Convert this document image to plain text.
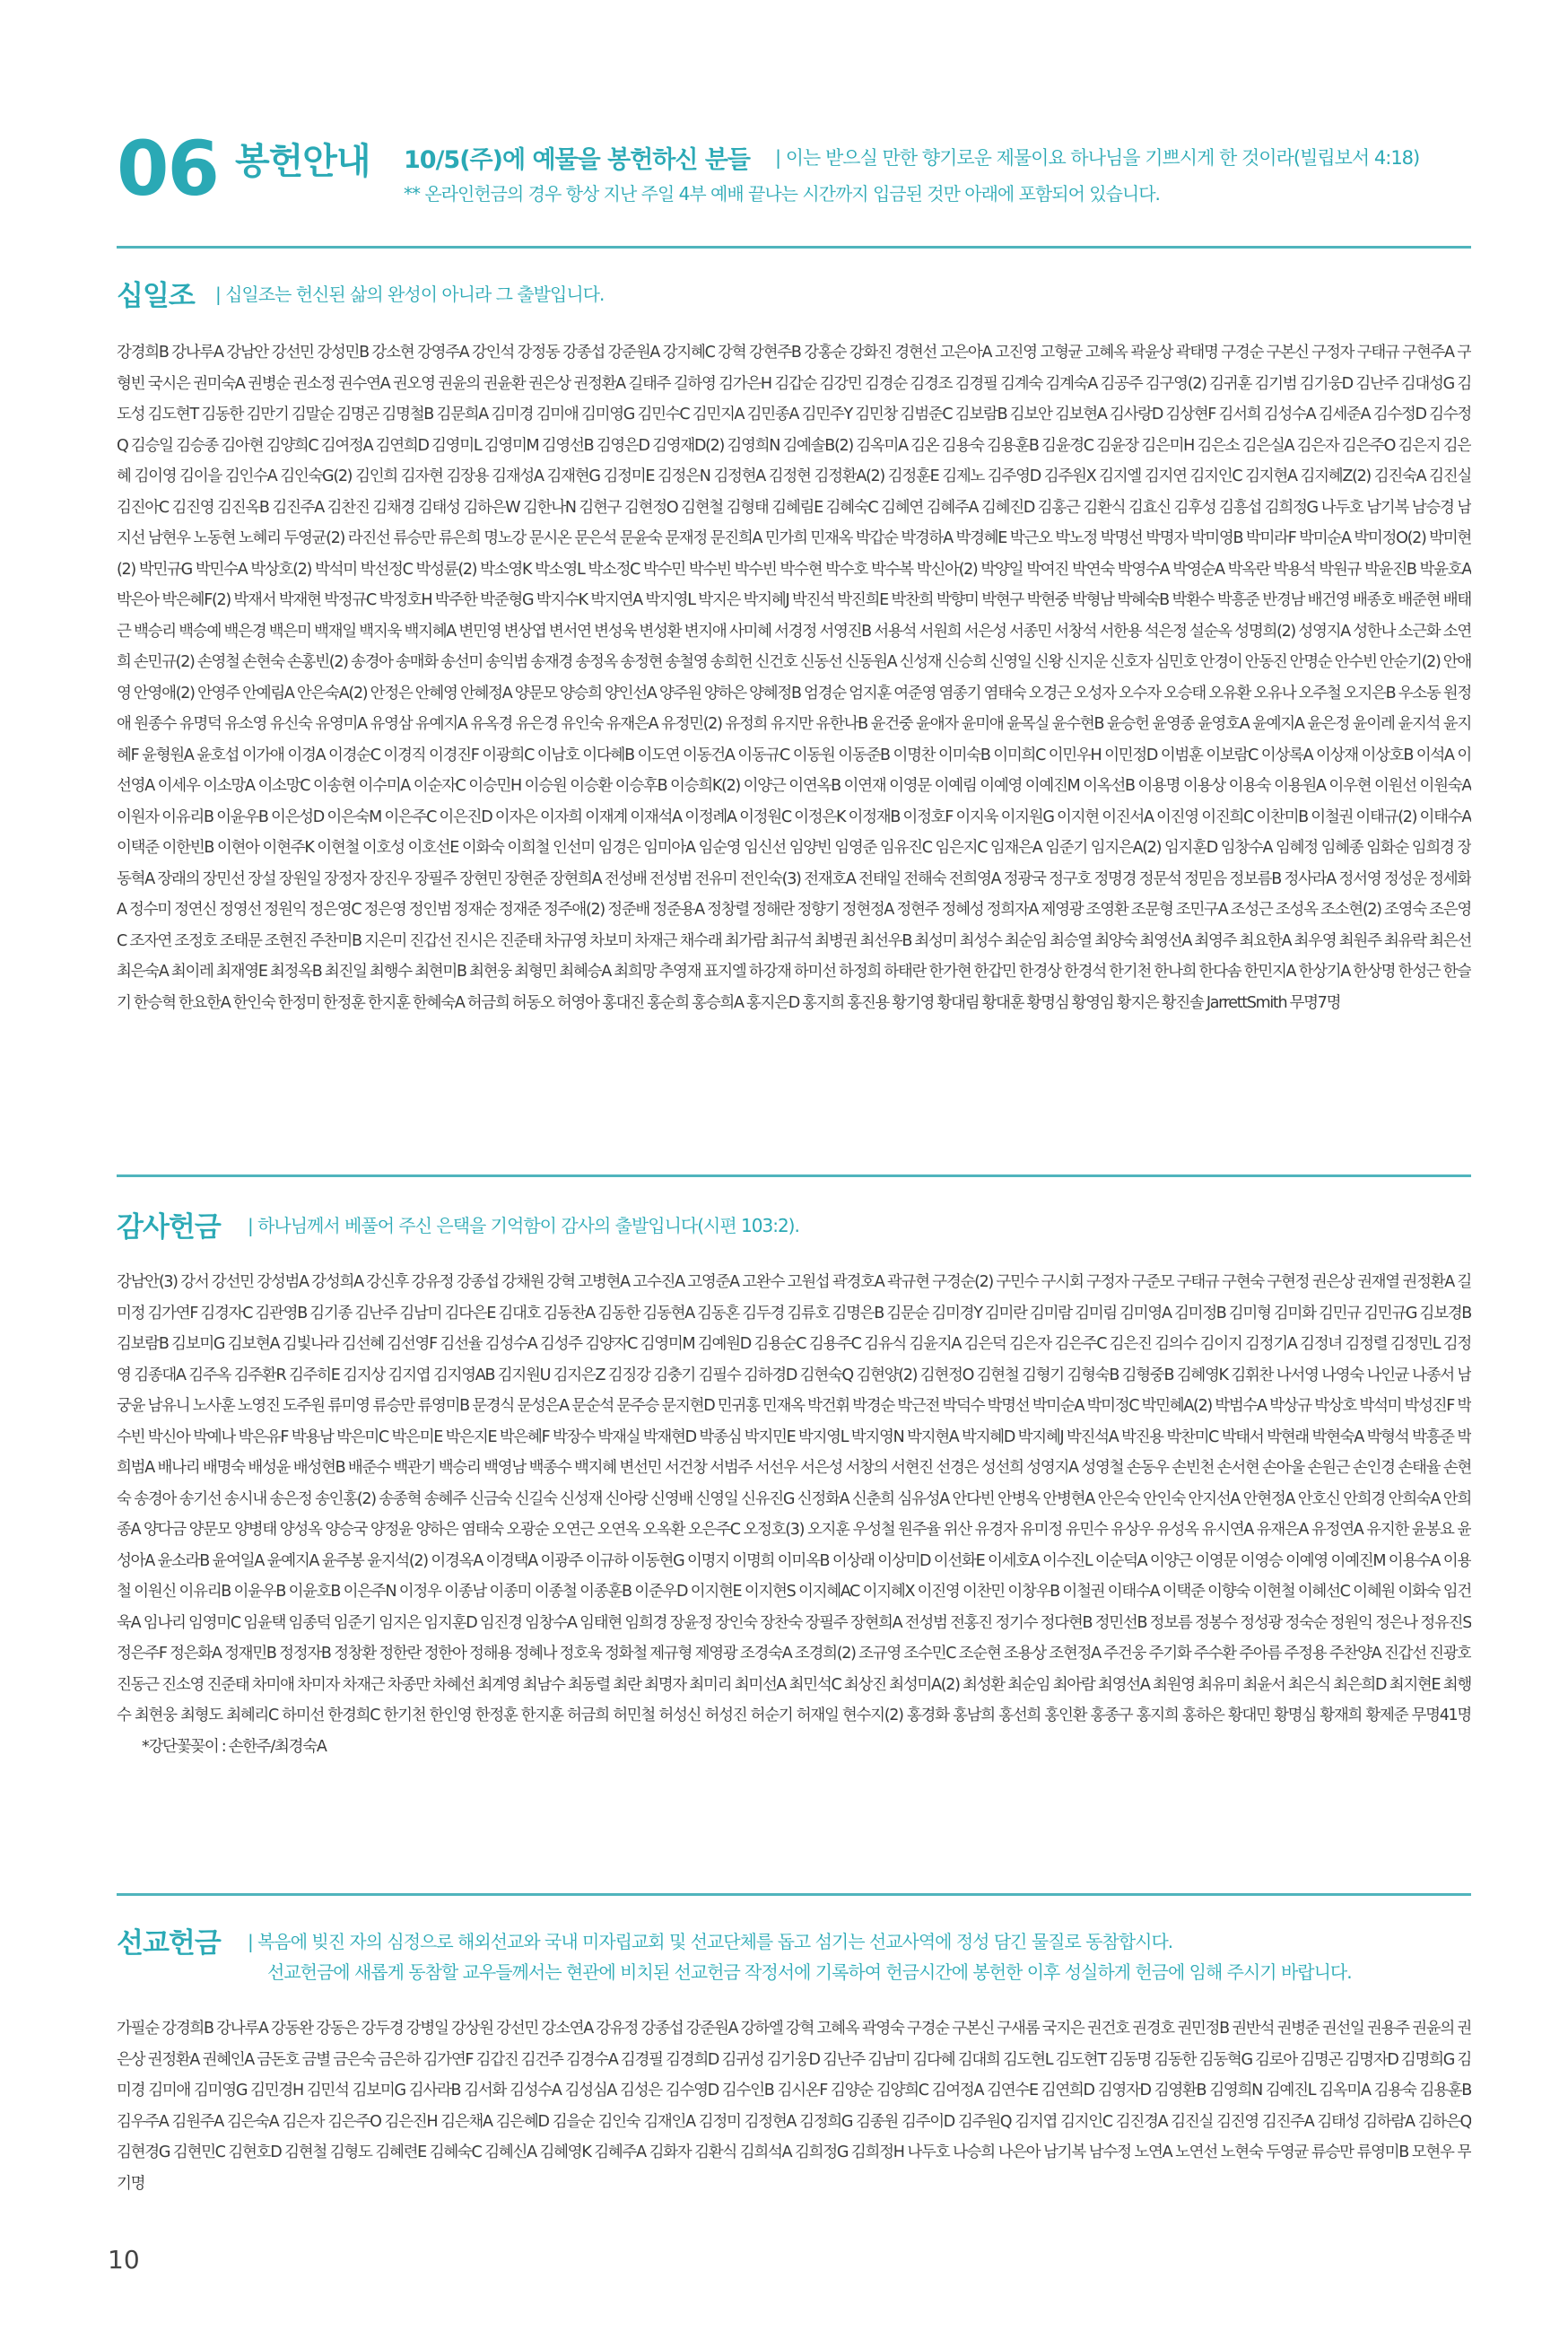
06 봉헌안내 10/5(주)에 예물을 봉헌하신 분들 | 이는 받으실 만한 향기로운 제물이요 하나님을 기쁘시게 한 것이라(빌립보서 4:18)
** 온라인헌금의 경우 항상 지난 주일 4부 예배 끝나는 시간까지 입금된 것만 아래에 포함되어 있습니다.
십일조 | 십일조는 헌신된 삶의 완성이 아니라 그 출발입니다.
강경희B 강나루A 강남안 강선민 강성민B 강소현 강영주A 강인석 강정동 강종섭 강준원A 강지혜C 강혁 강현주B 강홍순 강화진 경현선 고은아A 고진영 고형균 고혜옥 곽윤상 곽태명 구경순 구본신 구정자 구태규 구현주A 구형빈 국시은 권미숙A 권병순 권소정 권수연A 권오영 권윤의 권윤환 권은상 권정환A 길태주 길하영 김가은H 김갑순 김강민 김경순 김경조 김경필 김계숙 김계숙A 김공주 김구영(2) 김귀훈 김기범 김기웅D 김난주 김대성G 김도성 김도현T 김동한 김만기 김말순 김명곤 김명철B 김문희A 김미경 김미애 김미영G 김민수C 김민지A 김민종A 김민주Y 김민창 김범준C 김보람B 김보안 김보현A 김사랑D 김상현F 김서희 김성수A 김세준A 김수정D 김수정Q 김승일 김승종 김아현 김양희C 김여정A 김연희D 김영미L 김영미M 김영선B 김영은D 김영재D(2) 김영희N 김예솔B(2) 김옥미A 김온 김용숙 김용훈B 김윤경C 김윤장 김은미H 김은소 김은실A 김은자 김은주O 김은지 김은혜 김이영 김이을 김인수A 김인숙G(2) 김인희 김자현 김장용 김재성A 김재현G 김정미E 김정은N 김정현A 김정현 김정환A(2) 김정훈E 김제노 김주영D 김주원X 김지엘 김지연 김지인C 김지현A 김지혜Z(2) 김진숙A 김진실 김진아C 김진영 김진옥B 김진주A 김찬진 김채경 김태성 김하은W 김한나N 김현구 김현정O 김현철 김형태 김혜림E 김혜숙C 김혜연 김혜주A 김혜진D 김홍근 김환식 김효신 김후성 김흥섭 김희정G 나두호 남기복 남승경 남지선 남현우 노동현 노혜리 두영균(2) 라진선 류승만 류은희 명노강 문시온 문은석 문윤숙 문재정 문진희A 민가희 민재옥 박갑순 박경하A 박경혜E 박근오 박노정 박명선 박명자 박미영B 박미라F 박미순A 박미정O(2) 박미현(2) 박민규G 박민수A 박상호(2) 박석미 박선정C 박성륜(2) 박소영K 박소영L 박소정C 박수민 박수빈 박수빈 박수현 박수호 박수복 박신아(2) 박양일 박여진 박연숙 박영수A 박영순A 박옥란 박용석 박원규 박윤진B 박윤호A 박은아 박은혜F(2) 박재서 박재현 박정규C 박정호H 박주한 박준형G 박지수K 박지연A 박지영L 박지은 박지혜J 박진석 박진희E 박찬희 박향미 박현구 박현중 박형남 박혜숙B 박환수 박흥준 반경남 배건영 배종호 배준현 배태근 백승리 백승예 백은경 백은미 백재일 백지욱 백지혜A 변민영 변상엽 변서연 변성욱 변성환 변지애 사미혜 서경정 서영진B 서용석 서원희 서은성 서종민 서창석 서한용 석은정 설순옥 성명희(2) 성영지A 성한나 소근화 소연희 손민규(2) 손영철 손현숙 손홍빈(2) 송경아 송매화 송선미 송익범 송재경 송정옥 송정현 송철영 송희헌 신건호 신동선 신동원A 신성재 신승희 신영일 신왕 신지운 신호자 심민호 안경이 안동진 안명순 안수빈 안순기(2) 안애영 안영애(2) 안영주 안예림A 안은숙A(2) 안정은 안혜영 안혜정A 양문모 양승희 양인선A 양주원 양하은 양혜정B 엄경순 엄지훈 여준영 염종기 염태숙 오경근 오성자 오수자 오승태 오유환 오유나 오주철 오지은B 우소동 원정애 원종수 유명덕 유소영 유신숙 유영미A 유영삼 유예지A 유옥경 유은경 유인숙 유재은A 유정민(2) 유정희 유지만 유한나B 윤건중 윤애자 윤미애 윤목실 윤수현B 윤승헌 윤영종 윤영호A 윤예지A 윤은정 윤이레 윤지석 윤지혜F 윤형원A 윤호섭 이가애 이경A 이경순C 이경직 이경진F 이광희C 이남호 이다혜B 이도연 이동건A 이동규C 이동원 이동준B 이명찬 이미숙B 이미희C 이민우H 이민정D 이범훈 이보람C 이상록A 이상재 이상호B 이석A 이선영A 이세우 이소망A 이소망C 이송현 이수미A 이순자C 이승민H 이승원 이승환 이승후B 이승희K(2) 이양근 이연옥B 이연재 이영문 이예림 이예영 이예진M 이옥선B 이용명 이용상 이용숙 이용원A 이우현 이원선 이원숙A 이원자 이유리B 이윤우B 이은성D 이은숙M 이은주C 이은진D 이자은 이자희 이재계 이재석A 이정례A 이정원C 이정은K 이정재B 이정호F 이지욱 이지원G 이지현 이진서A 이진영 이진희C 이찬미B 이철권 이태규(2) 이태수A 이택준 이한빈B 이현아 이현주K 이현철 이호성 이호선E 이화숙 이희철 인선미 임경은 임미아A 임순영 임신선 임양빈 임영준 임유진C 임은지C 임재은A 임준기 임지은A(2) 임지훈D 임창수A 임혜정 임혜종 임화순 임희경 장동혁A 장래의 장민선 장설 장원일 장정자 장진우 장필주 장현민 장현준 장현희A 전성배 전성범 전유미 전인숙(3) 전재호A 전태일 전해숙 전희영A 정광국 정구호 정명경 정문석 정믿음 정보름B 정사라A 정서영 정성운 정세화A 정수미 정연신 정영선 정원익 정은영C 정은영 정인범 정재순 정재준 정주애(2) 정준배 정준용A 정창렬 정해란 정향기 정현정A 정현주 정혜성 정희자A 제영광 조영환 조문형 조민구A 조성근 조성옥 조소현(2) 조영숙 조은영C 조자연 조정호 조태문 조현진 주찬미B 지은미 진갑선 진시은 진준태 차규영 차보미 차재근 채수래 최가람 최규석 최병권 최선우B 최성미 최성수 최순임 최승열 최양숙 최영선A 최영주 최요한A 최우영 최원주 최유락 최은선 최은숙A 최이레 최재영E 최정옥B 최진일 최행수 최현미B 최현웅 최형민 최혜승A 최희망 추영재 표지엘 하강재 하미선 하정희 하태란 한가현 한갑민 한경상 한경석 한기천 한나희 한다솜 한민지A 한상기A 한상명 한성근 한슬기 한승혁 한요한A 한인숙 한정미 한정훈 한지훈 한혜숙A 허금희 허동오 허영아 홍대진 홍순희 홍승희A 홍지은D 홍지희 홍진용 황기영 황대림 황대훈 황명심 황영임 황지은 황진솔 JarrettSmith 무명7명
감사헌금 | 하나님께서 베풀어 주신 은택을 기억함이 감사의 출발입니다(시편 103:2).
강남안(3) 강서 강선민 강성범A 강성희A 강신후 강유정 강종섭 강채원 강혁 고병현A 고수진A 고영준A 고완수 고원섭 곽경호A 곽규현 구경순(2) 구민수 구시회 구정자 구준모 구태규 구현숙 구현정 권은상 권재열 권정환A 길미정 김가연F 김경자C 김관영B 김기종 김난주 김남미 김다은E 김대호 김동찬A 김동한 김동현A 김동혼 김두경 김류호 김명은B 김문순 김미경Y 김미란 김미람 김미림 김미영A 김미정B 김미형 김미화 김민규 김민규G 김보경B 김보람B 김보미G 김보현A 김빛나라 김선혜 김선영F 김선율 김성수A 김성주 김양자C 김영미M 김예원D 김용순C 김용주C 김유식 김윤지A 김은덕 김은자 김은주C 김은진 김의수 김이지 김정기A 김정녀 김정렬 김정민L 김정영 김종대A 김주옥 김주환R 김주히E 김지상 김지엽 김지영AB 김지원U 김지은Z 김징강 김충기 김필수 김하경D 김현숙Q 김현양(2) 김현정O 김현철 김형기 김형숙B 김형중B 김혜영K 김휘찬 나서영 나영숙 나인균 나종서 남궁윤 남유니 노사훈 노영진 도주원 류미영 류승만 류영미B 문경식 문성은A 문순석 문주승 문지현D 민귀홍 민재옥 박건휘 박경순 박근전 박덕수 박명선 박미순A 박미정C 박민혜A(2) 박범수A 박상규 박상호 박석미 박성진F 박수빈 박신아 박예나 박은유F 박용남 박은미C 박은미E 박은지E 박은혜F 박장수 박재실 박재현D 박종심 박지민E 박지영L 박지영N 박지현A 박지혜D 박지혜J 박진석A 박진용 박찬미C 박태서 박현래 박현숙A 박형석 박흥준 박희범A 배나리 배명숙 배성윤 배성현B 배준수 백관기 백승리 백영남 백종수 백지혜 변선민 서건창 서범주 서선우 서은성 서창의 서현진 선경은 성선희 성영지A 성영철 손동우 손빈천 손서현 손아울 손원근 손인경 손태율 손현숙 송경아 송기선 송시내 송은정 송인홍(2) 송종혁 송혜주 신금숙 신길숙 신성재 신아랑 신영배 신영일 신유진G 신정화A 신춘희 심유성A 안다빈 안병옥 안병현A 안은숙 안인숙 안지선A 안현정A 안호신 안희경 안희숙A 안희종A 양다금 양문모 양병태 양성옥 양승국 양정윤 양하은 염태숙 오광순 오연근 오연옥 오옥환 오은주C 오정호(3) 오지훈 우성철 원주율 위산 유경자 유미정 유민수 유상우 유성옥 유시연A 유재은A 유정연A 유지한 윤봉요 윤성아A 윤소라B 윤여일A 윤예지A 윤주봉 윤지석(2) 이경옥A 이경택A 이광주 이규하 이동현G 이명지 이명희 이미옥B 이상래 이상미D 이선화E 이세호A 이수진L 이순덕A 이양근 이영문 이영승 이예영 이예진M 이용수A 이용철 이원신 이유리B 이윤우B 이윤호B 이은주N 이정우 이종남 이종미 이종철 이종훈B 이준우D 이지현E 이지현S 이지혜AC 이지혜X 이진영 이찬민 이창우B 이철권 이태수A 이택준 이향숙 이현철 이혜선C 이혜원 이화숙 임건욱A 임나리 임영미C 임윤택 임종덕 임준기 임지은 임지훈D 임진경 임창수A 임태현 임희경 장윤정 장인숙 장찬숙 장필주 장현희A 전성범 전홍진 정기수 정다현B 정민선B 정보름 정봉수 정성광 정숙순 정원익 정은나 정유진S 정은주F 정은화A 정재민B 정정자B 정창환 정한란 정한아 정해용 정혜나 정호욱 정화철 제규형 제영광 조경숙A 조경희(2) 조규영 조수민C 조순현 조용상 조현정A 주건웅 주기화 주수환 주아름 주정용 주찬양A 진갑선 진광호 진동근 진소영 진준태 차미애 차미자 차재근 차종만 차혜선 최계영 최남수 최동렬 최란 최명자 최미리 최미선A 최민석C 최상진 최성미A(2) 최성환 최순임 최아람 최영선A 최원영 최유미 최윤서 최은식 최은희D 최지현E 최행수 최현웅 최형도 최혜리C 하미선 한경희C 한기천 한인영 한정훈 한지훈 허금희 허민철 허성신 허성진 허순기 허재일 현수지(2) 홍경화 홍남희 홍선희 홍인환 홍종구 홍지희 홍하은 황대민 황명심 황재희 황제준 무명41명 *강단꽃꽂이 : 손한주/최경숙A
선교헌금 | 복음에 빚진 자의 심정으로 해외선교와 국내 미자립교회 및 선교단체를 돕고 섬기는 선교사역에 정성 담긴 물질로 동참합시다.
선교헌금에 새롭게 동참할 교우들께서는 현관에 비치된 선교헌금 작정서에 기록하여 헌금시간에 봉헌한 이후 성실하게 헌금에 임해 주시기 바랍니다.
가필순 강경희B 강나루A 강동완 강동은 강두경 강병일 강상원 강선민 강소연A 강유정 강종섭 강준원A 강하엘 강혁 고혜옥 곽영숙 구경순 구본신 구새롬 국지은 권건호 권경호 권민정B 권반석 권병준 권선일 권용주 권윤의 권은상 권정환A 권혜인A 금돈호 금별 금은숙 금은하 김가연F 김갑진 김건주 김경수A 김경필 김경희D 김귀성 김기웅D 김난주 김남미 김다혜 김대희 김도현L 김도현T 김동명 김동한 김동혁G 김로아 김명곤 김명자D 김명희G 김미경 김미애 김미영G 김민경H 김민석 김보미G 김사라B 김서화 김성수A 김성심A 김성은 김수영D 김수인B 김시온F 김양순 김양희C 김여정A 김연수E 김연희D 김영자D 김영환B 김영희N 김예진L 김옥미A 김용숙 김용훈B 김우주A 김원주A 김은숙A 김은자 김은주O 김은진H 김은채A 김은혜D 김을순 김인숙 김재인A 김정미 김정현A 김정희G 김종원 김주이D 김주원Q 김지엽 김지인C 김진경A 김진실 김진영 김진주A 김태성 김하람A 김하은Q 김현경G 김현민C 김현호D 김현철 김형도 김혜련E 김혜숙C 김혜신A 김혜영K 김혜주A 김화자 김환식 김희석A 김희정G 김희정H 나두호 나승희 나은아 남기복 남수정 노연A 노연선 노현숙 두영균 류승만 류영미B 모현우 무기명
10
